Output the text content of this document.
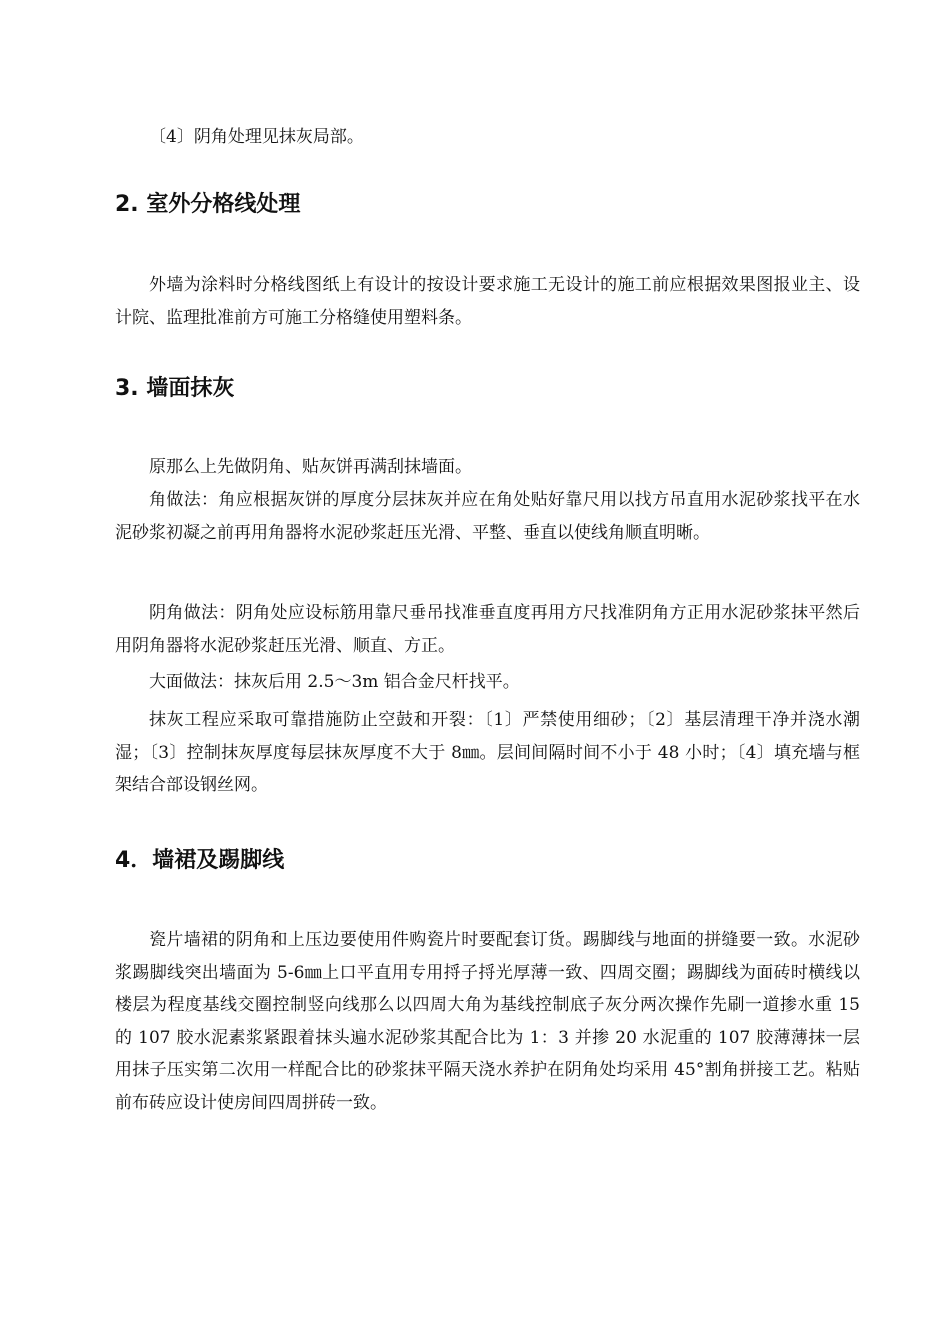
〔4〕阴角处理见抹灰局部。

2. 室外分格线处理

外墙为涂料时分格线图纸上有设计的按设计要求施工无设计的施工前应根据效果图报业主、设计院、监理批准前方可施工分格缝使用塑料条。

3. 墙面抹灰

原那么上先做阴角、贴灰饼再满刮抹墙面。

角做法：角应根据灰饼的厚度分层抹灰并应在角处贴好靠尺用以找方吊直用水泥砂浆找平在水泥砂浆初凝之前再用角器将水泥砂浆赶压光滑、平整、垂直以使线角顺直明晰。

阴角做法：阴角处应设标筋用靠尺垂吊找准垂直度再用方尺找准阴角方正用水泥砂浆抹平然后用阴角器将水泥砂浆赶压光滑、顺直、方正。

大面做法：抹灰后用 2.5～3m 铝合金尺杆找平。

抹灰工程应采取可靠措施防止空鼓和开裂：〔1〕严禁使用细砂；〔2〕基层清理干净并浇水潮湿；〔3〕控制抹灰厚度每层抹灰厚度不大于 8㎜。层间间隔时间不小于 48 小时；〔4〕填充墙与框架结合部设钢丝网。

4．墙裙及踢脚线

瓷片墙裙的阴角和上压边要使用件购瓷片时要配套订货。踢脚线与地面的拼缝要一致。水泥砂浆踢脚线突出墙面为 5-6㎜上口平直用专用捋子捋光厚薄一致、四周交圈；踢脚线为面砖时横线以楼层为程度基线交圈控制竖向线那么以四周大角为基线控制底子灰分两次操作先刷一道掺水重 15 的 107 胶水泥素浆紧跟着抹头遍水泥砂浆其配合比为 1：3 并掺 20 水泥重的 107 胶薄薄抹一层用抹子压实第二次用一样配合比的砂浆抹平隔天浇水养护在阴角处均采用 45°割角拼接工艺。粘贴前布砖应设计使房间四周拼砖一致。
